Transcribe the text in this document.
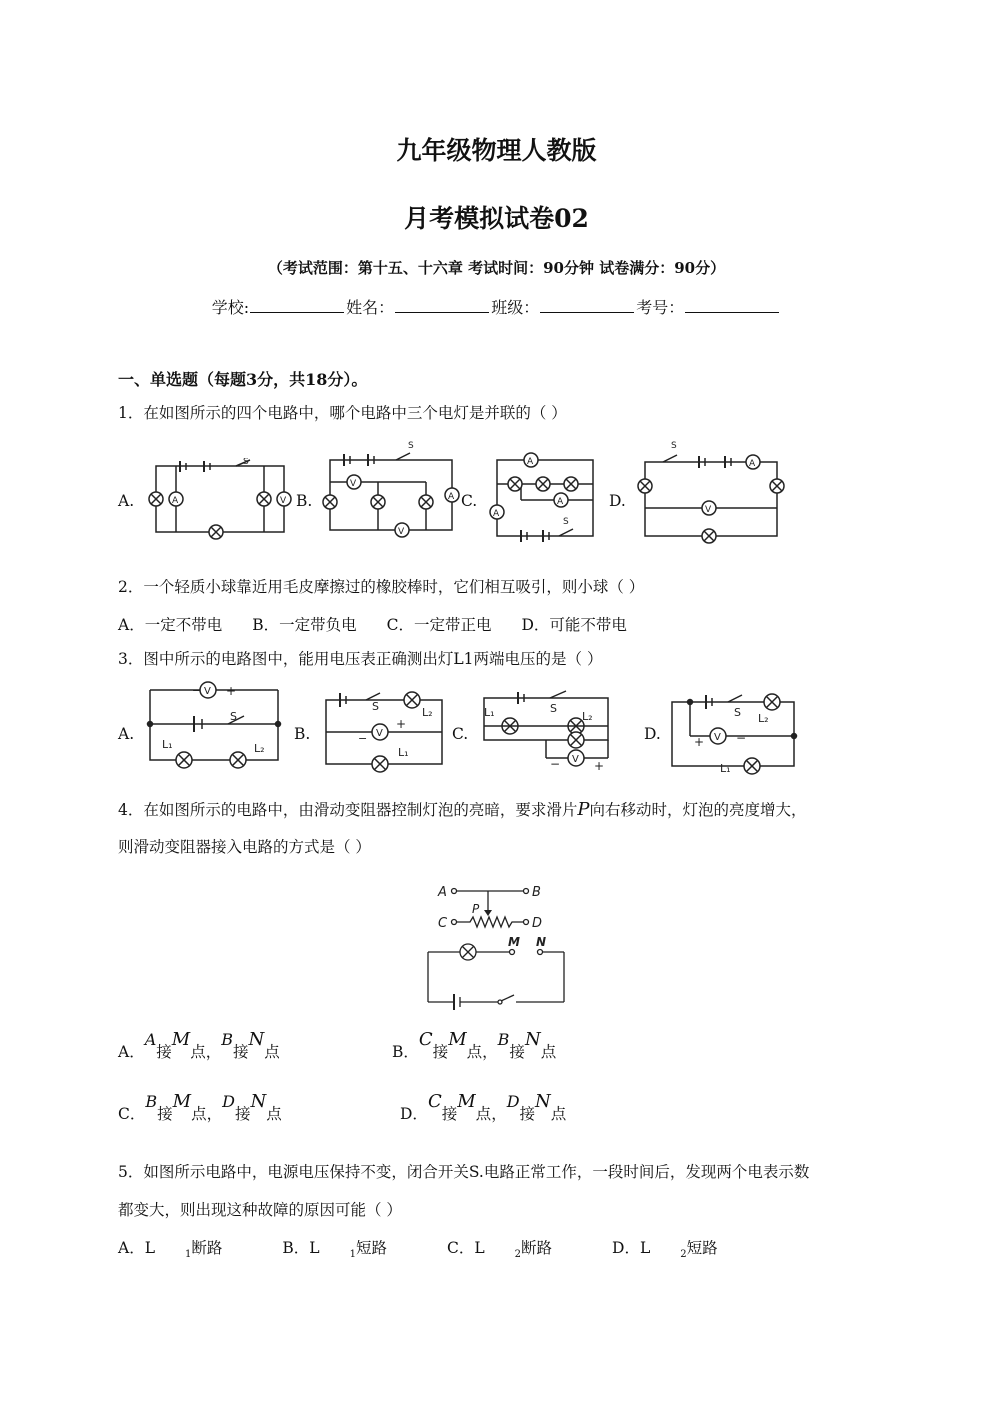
九年级物理人教版
月考模拟试卷02
（考试范围：第十五、十六章 考试时间：90分钟 试卷满分：90分）
学校:	姓名：	班级：	考号：
一、单选题（每题3分，共18分）。
1．在如图所示的四个电路中，哪个电路中三个电灯是并联的（ ）
A.	B.	C.	D.
A	V
S
V
V
A
S
A
A
A
S
A
V
S
2．一个轻质小球靠近用毛皮摩擦过的橡胶棒时，它们相互吸引，则小球（ ）
A．一定不带电 B．一定带负电 C．一定带正电 D．可能不带电
3．图中所示的电路图中，能用电压表正确测出灯L1两端电压的是（ ）
A.	B.	C.	D.
V
− +
S
L₁	L₂
V
−
+
S	L₂
L₁
V
−	+
S
L₁	L₂
V
+	−
S L₂
L₁
4．在如图所示的电路中，由滑动变阻器控制灯泡的亮暗，要求滑片P向右移动时，灯泡的亮度增大，
则滑动变阻器接入电路的方式是（ ）
A	B
P
C	D
M N
A．A接M点，B接N点	B．C接M点，B接N点
C．B接M点，D接N点	D．C接M点，D接N点
5．如图所示电路中，电源电压保持不变，闭合开关S.电路正常工作，一段时间后，发现两个电表示数
都变大，则出现这种故障的原因可能（ ）
A．L	$_1$断路	B．L	$_1$短路	C．L	$_2$断路	D．L	$_2$短路
